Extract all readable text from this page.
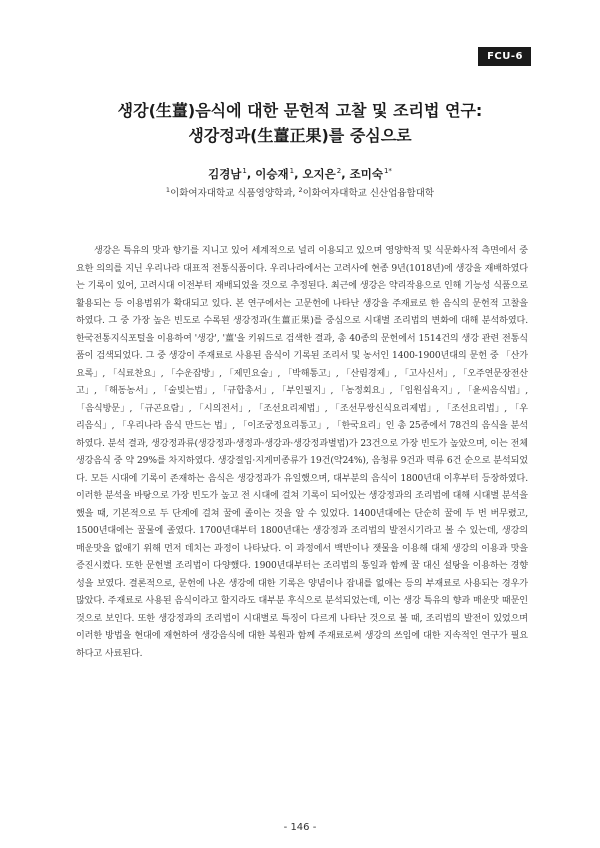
FCU-6
생강(生薑)음식에 대한 문헌적 고찰 및 조리법 연구:
생강정과(生薑正果)를 중심으로
김경남$^1$, 이승재$^1$, 오지은$^2$, 조미숙$^{1*}$
$^1$이화여자대학교 식품영양학과, $^2$이화여자대학교 신산업융합대학

생강은 특유의 맛과 향기를 지니고 있어 세계적으로 널리 이용되고 있으며 영양학적 및 식문화사적 측면에서 중요한 의의를 지닌 우리나라 대표적 전통식품이다. 우리나라에서는 고려사에 현종 9년(1018년)에 생강을 재배하였다는 기록이 있어, 고려시대 이전부터 재배되었을 것으로 추정된다. 최근에 생강은 약리작용으로 인해 기능성 식품으로 활용되는 등 이용범위가 확대되고 있다. 본 연구에서는 고문헌에 나타난 생강을 주재료로 한 음식의 문헌적 고찰을 하였다. 그 중 가장 높은 빈도로 수록된 생강정과(生薑正果)를 중심으로 시대별 조리법의 변화에 대해 분석하였다. 한국전통지식포털을 이용하여 '생강', '薑'을 키워드로 검색한 결과, 총 40종의 문헌에서 1514건의 생강 관련 전통식품이 검색되었다. 그 중 생강이 주재료로 사용된 음식이 기록된 조리서 및 농서인 1400-1900년대의 문헌 중 「산가요록」, 「식료찬요」, 「수운잡방」, 「제민요술」, 「박해통고」, 「산림경제」, 「고사신서」, 「오주연문장전산고」, 「해동농서」, 「술빚는법」, 「규합총서」, 「부인필지」, 「농정회요」, 「임원십육지」, 「윤씨음식법」, 「음식방문」, 「규곤요람」, 「시의전서」, 「조선요리제법」, 「조선무쌍신식요리제법」, 「조선요리법」, 「우리음식」, 「우리나라 음식 만드는 법」, 「이조궁정요리통고」, 「한국요리」인 총 25종에서 78건의 음식을 분석하였다. 분석 결과, 생강정과류(생강정과·생정과·생강과·생강정과별법)가 23건으로 가장 빈도가 높았으며, 이는 전체 생강음식 중 약 29%를 차지하였다. 생강절임·지게미종류가 19건(약24%), 음청류 9건과 떡류 6건 순으로 분석되었다. 모든 시대에 기록이 존재하는 음식은 생강정과가 유일했으며, 대부분의 음식이 1800년대 이후부터 등장하였다. 이러한 분석을 바탕으로 가장 빈도가 높고 전 시대에 걸쳐 기록이 되어있는 생강정과의 조리법에 대해 시대별 분석을 했을 때, 기본적으로 두 단계에 걸쳐 꿀에 졸이는 것을 알 수 있었다. 1400년대에는 단순히 꿀에 두 번 버무렸고, 1500년대에는 꿀물에 졸였다. 1700년대부터 1800년대는 생강정과 조리법의 발전시기라고 볼 수 있는데, 생강의 매운맛을 없애기 위해 먼저 데치는 과정이 나타났다. 이 과정에서 백반이나 잿물을 이용해 대체 생강의 이용과 맛을 증진시켰다. 또한 문헌별 조리법이 다양했다. 1900년대부터는 조리법의 통일과 함께 꿀 대신 설탕을 이용하는 경향성을 보였다. 결론적으로, 문헌에 나온 생강에 대한 기록은 양념이나 잡내를 없애는 등의 부재료로 사용되는 경우가 많았다. 주재료로 사용된 음식이라고 할지라도 대부분 후식으로 분석되었는데, 이는 생강 특유의 향과 매운맛 때문인 것으로 보인다. 또한 생강정과의 조리법이 시대별로 특징이 다르게 나타난 것으로 볼 때, 조리법의 발전이 있었으며 이러한 방법을 현대에 재현하여 생강음식에 대한 복원과 함께 주재료로써 생강의 쓰임에 대한 지속적인 연구가 필요하다고 사료된다.

- 146 -
